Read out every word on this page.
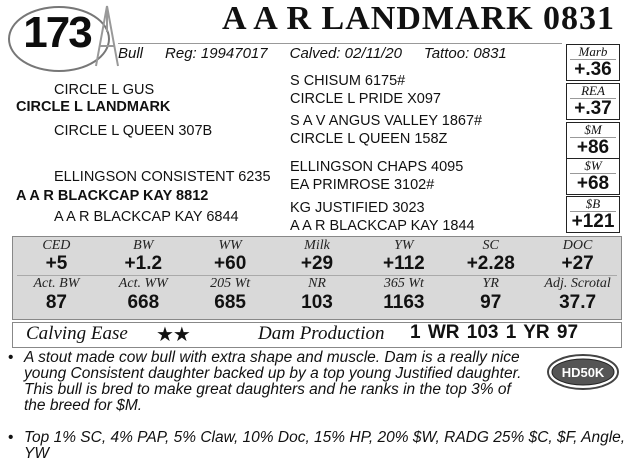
173	A A R LANDMARK 0831
Bull Reg: 19947017 Calved: 02/11/20 Tattoo: 0831
CIRCLE L GUS
CIRCLE L LANDMARK
CIRCLE L QUEEN 307B
S CHISUM 6175#
CIRCLE L PRIDE X097
S A V ANGUS VALLEY 1867#
CIRCLE L QUEEN 158Z
ELLINGSON CONSISTENT 6235
A A R BLACKCAP KAY 8812
A A R BLACKCAP KAY 6844
ELLINGSON CHAPS 4095
EA PRIMROSE 3102#
KG JUSTIFIED 3023
A A R BLACKCAP KAY 1844
Marb
+.36
REA
+.37
$M
+86
$W
+68
$B
+121
CED	BW	WW	Milk	YW	SC	DOC
+5	+1.2	+60	+29	+112	+2.28	+27
Act. BW	Act. WW	205 Wt	NR	365 Wt	YR	Adj. Scrotal
87	668	685	103	1163	97	37.7
Calving Ease ★★	Dam Production 1 WR 103 1 YR 97
HD50K
• A stout made cow bull with extra shape and muscle. Dam is a really nice young Consistent daughter backed up by a top young Justified daughter. This bull is bred to make great daughters and he ranks in the top 3% of the breed for $M.
• Top 1% SC, 4% PAP, 5% Claw, 10% Doc, 15% HP, 20% $W, RADG 25% $C, $F, Angle, YW
